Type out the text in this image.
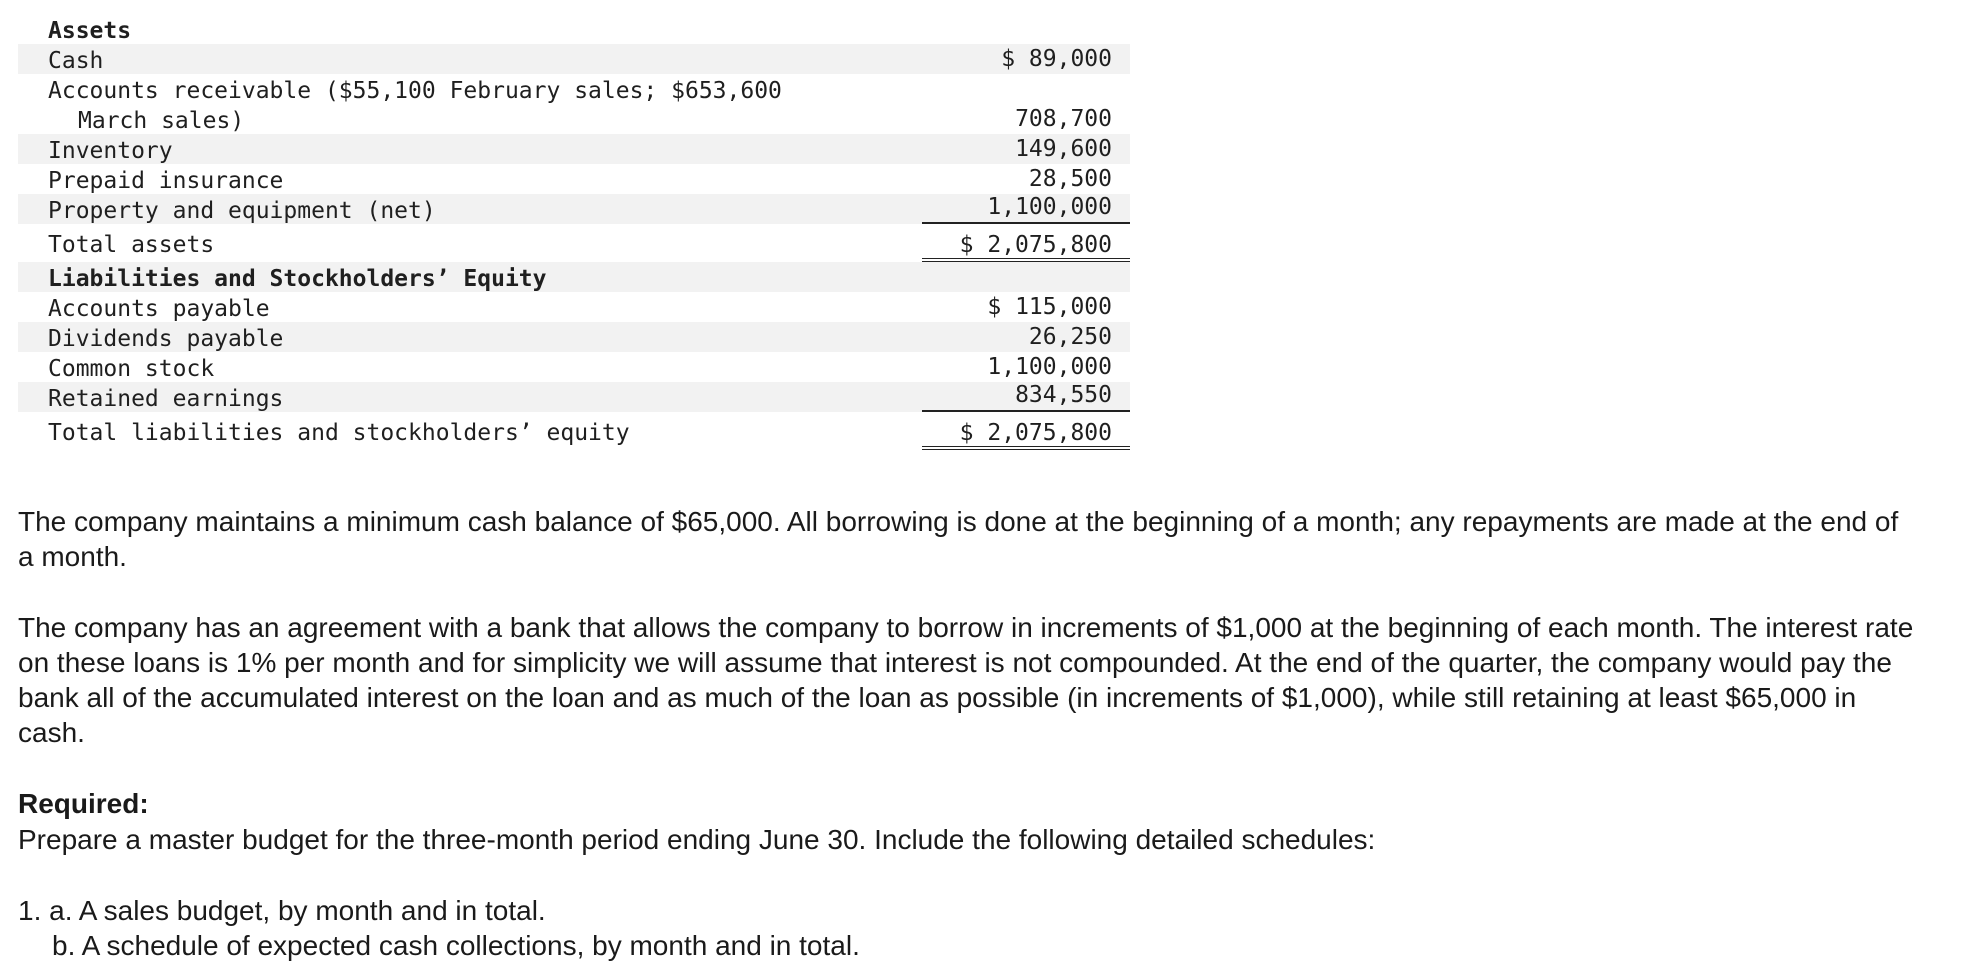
Assets
Cash	$ 89,000
Accounts receivable ($55,100 February sales; $653,600
March sales)	708,700
Inventory	149,600
Prepaid insurance	28,500
Property and equipment (net)	1,100,000
Total assets	$ 2,075,800
Liabilities and Stockholders’ Equity
Accounts payable	$ 115,000
Dividends payable	26,250
Common stock	1,100,000
Retained earnings	834,550
Total liabilities and stockholders’ equity	$ 2,075,800

The company maintains a minimum cash balance of $65,000. All borrowing is done at the beginning of a month; any repayments are made at the end of a month.

The company has an agreement with a bank that allows the company to borrow in increments of $1,000 at the beginning of each month. The interest rate on these loans is 1% per month and for simplicity we will assume that interest is not compounded. At the end of the quarter, the company would pay the bank all of the accumulated interest on the loan and as much of the loan as possible (in increments of $1,000), while still retaining at least $65,000 in cash.

Required:

Prepare a master budget for the three-month period ending June 30. Include the following detailed schedules:

1. a. A sales budget, by month and in total.

b. A schedule of expected cash collections, by month and in total.
